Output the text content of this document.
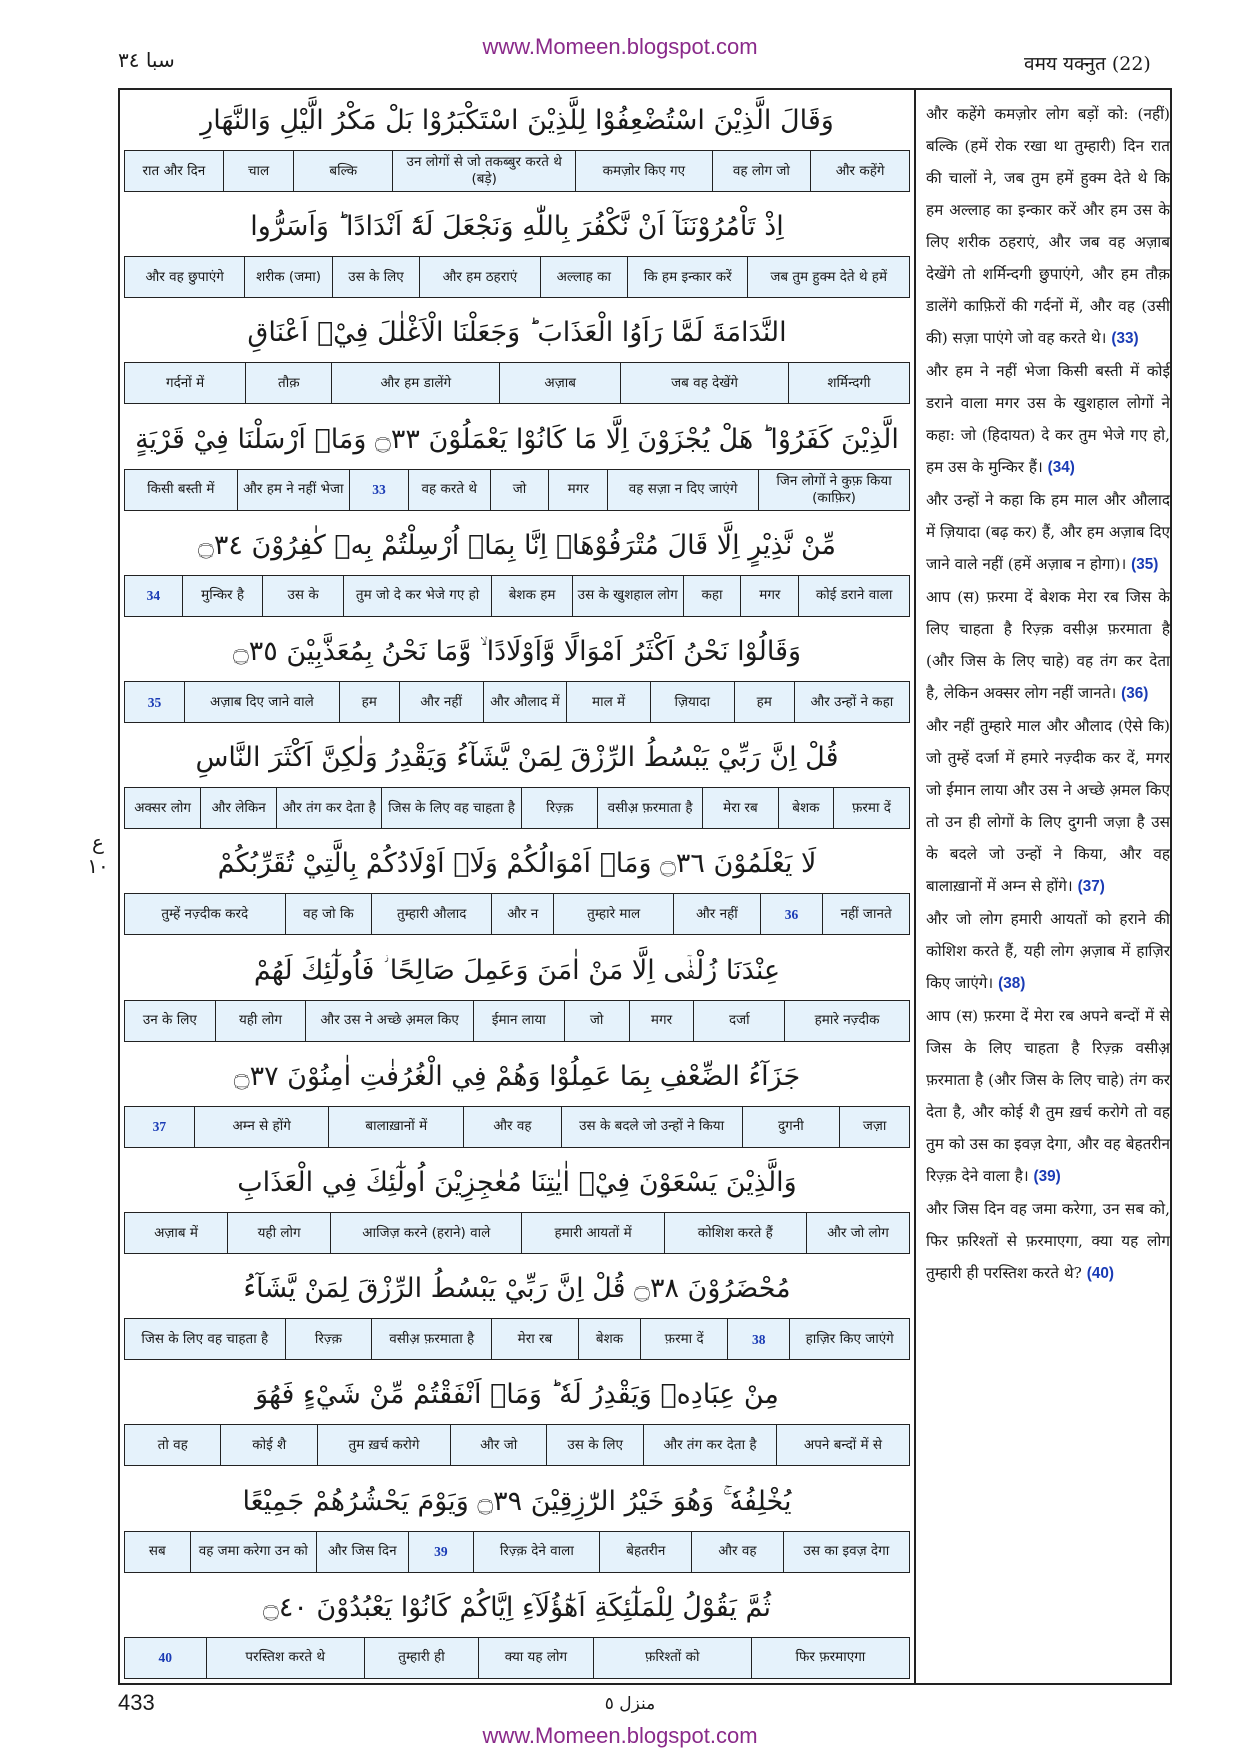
www.Momeen.blogspot.com
वमय यक्नुत (22)
سبا ٣٤
وَقَالَ الَّذِيْنَ اسْتُضْعِفُوْا لِلَّذِيْنَ اسْتَكْبَرُوْا بَلْ مَكْرُ الَّيْلِ وَالنَّهَارِ
और कहेंगे
वह लोग जो
कमज़ोर किए गए
उन लोगों से जो तकब्बुर करते थे (बड़े)
बल्कि
चाल
रात और दिन
اِذْ تَاْمُرُوْنَنَآ اَنْ نَّكْفُرَ بِاللّٰهِ وَنَجْعَلَ لَهٗٓ اَنْدَادًا ؕ وَاَسَرُّوا
जब तुम हुक्म देते थे हमें
कि हम इन्कार करें
अल्लाह का
और हम ठहराएं
उस के लिए
शरीक (जमा)
और वह छुपाएंगे
النَّدَامَةَ لَمَّا رَاَوُا الْعَذَابَ ؕ وَجَعَلْنَا الْاَغْلٰلَ فِيْۤ اَعْنَاقِ
शर्मिन्दगी
जब वह देखेंगे
अज़ाब
और हम डालेंगे
तौक़
गर्दनों में
الَّذِيْنَ كَفَرُوْا ؕ هَلْ يُجْزَوْنَ اِلَّا مَا كَانُوْا يَعْمَلُوْنَ ۝٣٣ وَمَاۤ اَرْسَلْنَا فِيْ قَرْيَةٍ
जिन लोगों ने कुफ़ किया (काफ़िर)
वह सज़ा न दिए जाएंगे
मगर
जो
वह करते थे
33
और हम ने नहीं भेजा
किसी बस्ती में
مِّنْ نَّذِيْرٍ اِلَّا قَالَ مُتْرَفُوْهَاۤ اِنَّا بِمَاۤ اُرْسِلْتُمْ بِهٖ كٰفِرُوْنَ ۝٣٤
कोई डराने वाला
मगर
कहा
उस के खुशहाल लोग
बेशक हम
तुम जो दे कर भेजे गए हो
उस के
मुन्किर है
34
وَقَالُوْا نَحْنُ اَكْثَرُ اَمْوَالًا وَّاَوْلَادًا ۙ وَّمَا نَحْنُ بِمُعَذَّبِيْنَ ۝٣٥
और उन्हों ने कहा
हम
ज़ियादा
माल में
और औलाद में
और नहीं
हम
अज़ाब दिए जाने वाले
35
قُلْ اِنَّ رَبِّيْ يَبْسُطُ الرِّزْقَ لِمَنْ يَّشَآءُ وَيَقْدِرُ وَلٰكِنَّ اَكْثَرَ النَّاسِ
फ़रमा दें
बेशक
मेरा रब
वसीअ़ फ़रमाता है
रिज़्क़
जिस के लिए वह चाहता है
और तंग कर देता है
और लेकिन
अक्सर लोग
لَا يَعْلَمُوْنَ ۝٣٦ وَمَاۤ اَمْوَالُكُمْ وَلَاۤ اَوْلَادُكُمْ بِالَّتِيْ تُقَرِّبُكُمْ
नहीं जानते
36
और नहीं
तुम्हारे माल
और न
तुम्हारी औलाद
वह जो कि
तुम्हें नज़्दीक करदे
عِنْدَنَا زُلْفٰۤى اِلَّا مَنْ اٰمَنَ وَعَمِلَ صَالِحًا ؗ فَاُولٰٓئِكَ لَهُمْ
हमारे नज़्दीक
दर्जा
मगर
जो
ईमान लाया
और उस ने अच्छे अ़मल किए
यही लोग
उन के लिए
جَزَآءُ الضِّعْفِ بِمَا عَمِلُوْا وَهُمْ فِي الْغُرُفٰتِ اٰمِنُوْنَ ۝٣٧
जज़ा
दुगनी
उस के बदले जो उन्हों ने किया
और वह
बालाख़ानों में
अम्न से होंगे
37
وَالَّذِيْنَ يَسْعَوْنَ فِيْۤ اٰيٰتِنَا مُعٰجِزِيْنَ اُولٰٓئِكَ فِي الْعَذَابِ
और जो लोग
कोशिश करते हैं
हमारी आयतों में
आजिज़ करने (हराने) वाले
यही लोग
अज़ाब में
مُحْضَرُوْنَ ۝٣٨ قُلْ اِنَّ رَبِّيْ يَبْسُطُ الرِّزْقَ لِمَنْ يَّشَآءُ
हाज़िर किए जाएंगे
38
फ़रमा दें
बेशक
मेरा रब
वसीअ़ फ़रमाता है
रिज़्क़
जिस के लिए वह चाहता है
مِنْ عِبَادِهٖ وَيَقْدِرُ لَهٗ ؕ وَمَاۤ اَنْفَقْتُمْ مِّنْ شَيْءٍ فَهُوَ
अपने बन्दों में से
और तंग कर देता है
उस के लिए
और जो
तुम ख़र्च करोगे
कोई शै
तो वह
يُخْلِفُهٗ ۚ وَهُوَ خَيْرُ الرّٰزِقِيْنَ ۝٣٩ وَيَوْمَ يَحْشُرُهُمْ جَمِيْعًا
उस का इवज़ देगा
और वह
बेहतरीन
रिज़्क़ देने वाला
39
और जिस दिन
वह जमा करेगा उन को
सब
ثُمَّ يَقُوْلُ لِلْمَلٰٓئِكَةِ اَهٰٓؤُلَآءِ اِيَّاكُمْ كَانُوْا يَعْبُدُوْنَ ۝٤٠
फिर फ़रमाएगा
फ़रिश्तों को
क्या यह लोग
तुम्हारी ही
परस्तिश करते थे
40

और कहेंगे कमज़ोर लोग बड़ों को: (नहीं) बल्कि (हमें रोक रखा था तुम्हारी) दिन रात की चालों ने, जब तुम हमें हुक्म देते थे कि हम अल्लाह का इन्कार करें और हम उस के लिए शरीक ठहराएं, और जब वह अज़ाब देखेंगे तो शर्मिन्दगी छुपाएंगे, और हम तौक़ डालेंगे काफ़िरों की गर्दनों में, और वह (उसी की) सज़ा पाएंगे जो वह करते थे। (33)

और हम ने नहीं भेजा किसी बस्ती में कोई डराने वाला मगर उस के खुशहाल लोगों ने कहा: जो (हिदायत) दे कर तुम भेजे गए हो, हम उस के मुन्किर हैं। (34)

और उन्हों ने कहा कि हम माल और औलाद में ज़ियादा (बढ़ कर) हैं, और हम अज़ाब दिए जाने वाले नहीं (हमें अज़ाब न होगा)। (35)

आप (स) फ़रमा दें बेशक मेरा रब जिस के लिए चाहता है रिज़्क़ वसीअ़ फ़रमाता है (और जिस के लिए चाहे) वह तंग कर देता है, लेकिन अक्सर लोग नहीं जानते। (36)

और नहीं तुम्हारे माल और औलाद (ऐसे कि) जो तुम्हें दर्जा में हमारे नज़्दीक कर दें, मगर जो ईमान लाया और उस ने अच्छे अ़मल किए तो उन ही लोगों के लिए दुगनी जज़ा है उस के बदले जो उन्हों ने किया, और वह बालाख़ानों में अम्न से होंगे। (37)

और जो लोग हमारी आयतों को हराने की कोशिश करते हैं, यही लोग अ़ज़ाब में हाज़िर किए जाएंगे। (38)

आप (स) फ़रमा दें मेरा रब अपने बन्दों में से जिस के लिए चाहता है रिज़्क़ वसीअ़ फ़रमाता है (और जिस के लिए चाहे) तंग कर देता है, और कोई शै तुम ख़र्च करोगे तो वह तुम को उस का इवज़ देगा, और वह बेहतरीन रिज़्क़ देने वाला है। (39)

और जिस दिन वह जमा करेगा, उन सब को, फिर फ़रिश्तों से फ़रमाएगा, क्या यह लोग तुम्हारी ही परस्तिश करते थे? (40)

ع ١٠
433	منزل ٥
www.Momeen.blogspot.com
